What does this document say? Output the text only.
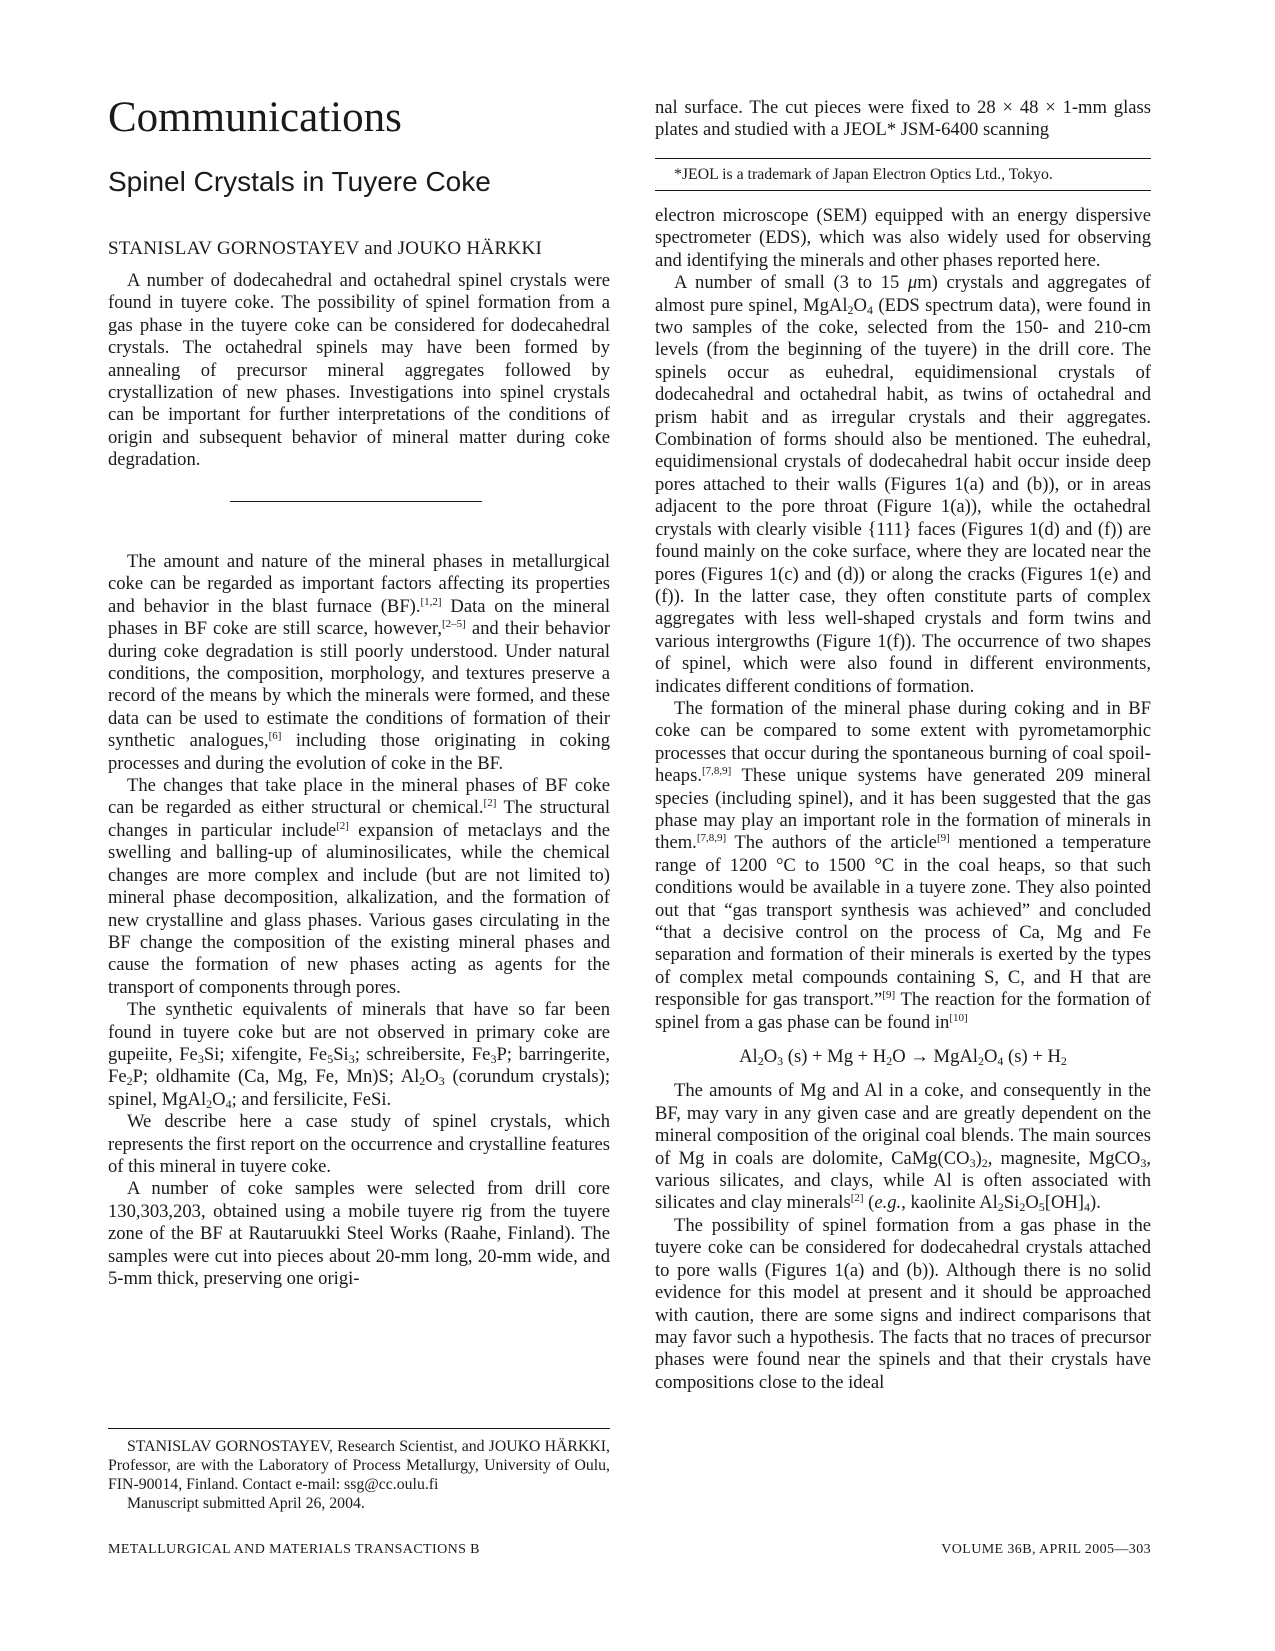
Communications
Spinel Crystals in Tuyere Coke
STANISLAV GORNOSTAYEV and JOUKO HÄRKKI

A number of dodecahedral and octahedral spinel crystals were found in tuyere coke. The possibility of spinel formation from a gas phase in the tuyere coke can be considered for dodecahedral crystals. The octahedral spinels may have been formed by annealing of precursor mineral aggregates followed by crystallization of new phases. Investigations into spinel crystals can be important for further interpretations of the conditions of origin and subsequent behavior of mineral matter during coke degradation.

The amount and nature of the mineral phases in metallurgical coke can be regarded as important factors affecting its properties and behavior in the blast furnace (BF).[1,2] Data on the mineral phases in BF coke are still scarce, however,[2–5] and their behavior during coke degradation is still poorly understood. Under natural conditions, the composition, morphology, and textures preserve a record of the means by which the minerals were formed, and these data can be used to estimate the conditions of formation of their synthetic analogues,[6] including those originating in coking processes and during the evolution of coke in the BF.

The changes that take place in the mineral phases of BF coke can be regarded as either structural or chemical.[2] The structural changes in particular include[2] expansion of metaclays and the swelling and balling-up of aluminosilicates, while the chemical changes are more complex and include (but are not limited to) mineral phase decomposition, alkalization, and the formation of new crystalline and glass phases. Various gases circulating in the BF change the composition of the existing mineral phases and cause the formation of new phases acting as agents for the transport of components through pores.

The synthetic equivalents of minerals that have so far been found in tuyere coke but are not observed in primary coke are gupeiite, $Fe_3Si$; xifengite, $Fe_5Si_3$; schreibersite, $Fe_3P$; barringerite, $Fe_2P$; oldhamite (Ca, Mg, Fe, Mn)S; $Al_2O_3$ (corundum crystals); spinel, $MgAl_2O_4$; and fersilicite, FeSi.

We describe here a case study of spinel crystals, which represents the first report on the occurrence and crystalline features of this mineral in tuyere coke.

A number of coke samples were selected from drill core 130,303,203, obtained using a mobile tuyere rig from the tuyere zone of the BF at Rautaruukki Steel Works (Raahe, Finland). The samples were cut into pieces about 20-mm long, 20-mm wide, and 5-mm thick, preserving one origi-

STANISLAV GORNOSTAYEV, Research Scientist, and JOUKO HÄRKKI, Professor, are with the Laboratory of Process Metallurgy, University of Oulu, FIN-90014, Finland. Contact e-mail: ssg@cc.oulu.fi

Manuscript submitted April 26, 2004.

nal surface. The cut pieces were fixed to 28 × 48 × 1-mm glass plates and studied with a JEOL* JSM-6400 scanning

*JEOL is a trademark of Japan Electron Optics Ltd., Tokyo.

electron microscope (SEM) equipped with an energy dispersive spectrometer (EDS), which was also widely used for observing and identifying the minerals and other phases reported here.

A number of small (3 to 15 μm) crystals and aggregates of almost pure spinel, $MgAl_2O_4$ (EDS spectrum data), were found in two samples of the coke, selected from the 150- and 210-cm levels (from the beginning of the tuyere) in the drill core. The spinels occur as euhedral, equidimensional crystals of dodecahedral and octahedral habit, as twins of octahedral and prism habit and as irregular crystals and their aggregates. Combination of forms should also be mentioned. The euhedral, equidimensional crystals of dodecahedral habit occur inside deep pores attached to their walls (Figures 1(a) and (b)), or in areas adjacent to the pore throat (Figure 1(a)), while the octahedral crystals with clearly visible {111} faces (Figures 1(d) and (f)) are found mainly on the coke surface, where they are located near the pores (Figures 1(c) and (d)) or along the cracks (Figures 1(e) and (f)). In the latter case, they often constitute parts of complex aggregates with less well-shaped crystals and form twins and various intergrowths (Figure 1(f)). The occurrence of two shapes of spinel, which were also found in different environments, indicates different conditions of formation.

The formation of the mineral phase during coking and in BF coke can be compared to some extent with pyrometamorphic processes that occur during the spontaneous burning of coal spoil-heaps.[7,8,9] These unique systems have generated 209 mineral species (including spinel), and it has been suggested that the gas phase may play an important role in the formation of minerals in them.[7,8,9] The authors of the article[9] mentioned a temperature range of 1200 °C to 1500 °C in the coal heaps, so that such conditions would be available in a tuyere zone. They also pointed out that “gas transport synthesis was achieved” and concluded “that a decisive control on the process of Ca, Mg and Fe separation and formation of their minerals is exerted by the types of complex metal compounds containing S, C, and H that are responsible for gas transport.”[9] The reaction for the formation of spinel from a gas phase can be found in[10]

$Al_2O_3$ $(s) + Mg + H_2O$ → $MgAl_2O_4$ $(s) + H_2$

The amounts of Mg and Al in a coke, and consequently in the BF, may vary in any given case and are greatly dependent on the mineral composition of the original coal blends. The main sources of Mg in coals are dolomite, $CaMg(CO_3)_2$, magnesite, MgCO$_3$, various silicates, and clays, while Al is often associated with silicates and clay minerals[2] (e.g., kaolinite $Al_2Si_2O_5[OH]_4$).

The possibility of spinel formation from a gas phase in the tuyere coke can be considered for dodecahedral crystals attached to pore walls (Figures 1(a) and (b)). Although there is no solid evidence for this model at present and it should be approached with caution, there are some signs and indirect comparisons that may favor such a hypothesis. The facts that no traces of precursor phases were found near the spinels and that their crystals have compositions close to the ideal

METALLURGICAL AND MATERIALS TRANSACTIONS B	VOLUME 36B, APRIL 2005—303
